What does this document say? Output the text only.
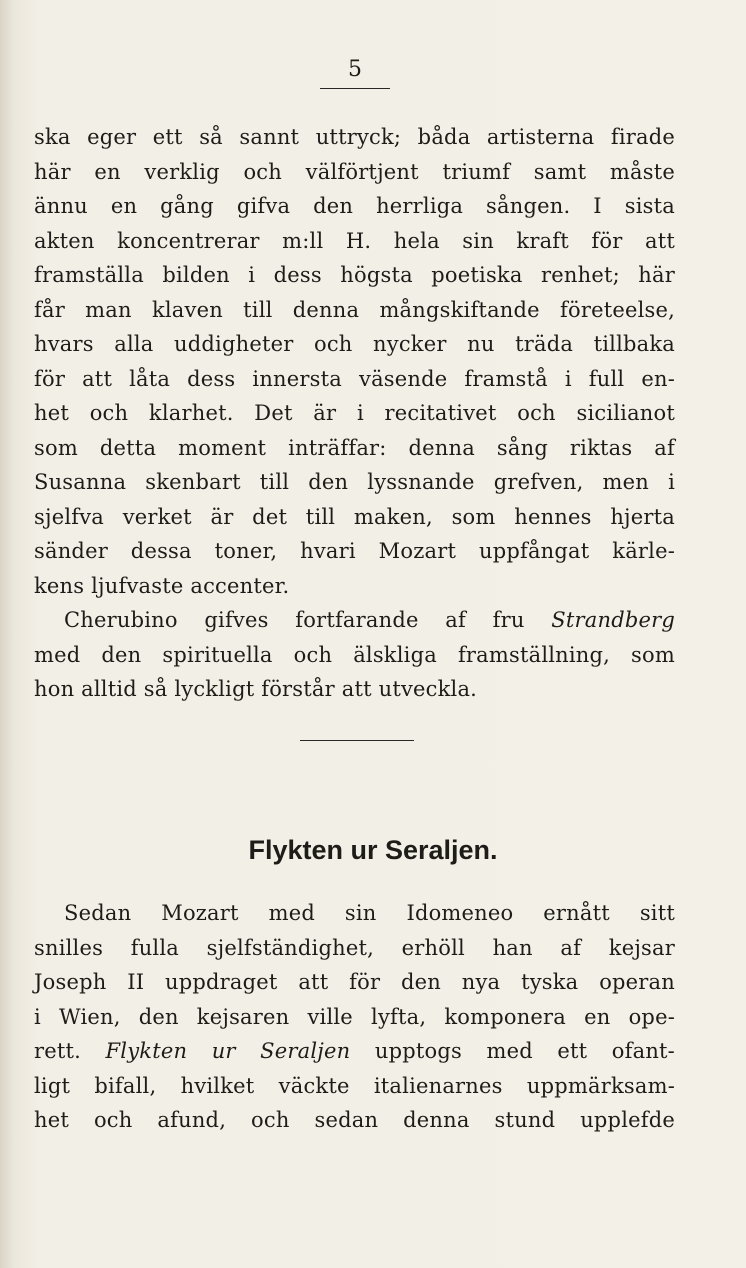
5
ska eger ett så sannt uttryck; båda artisterna firade
här en verklig och välförtjent triumf samt måste
ännu en gång gifva den herrliga sången. I sista
akten koncentrerar m:ll H. hela sin kraft för att
framställa bilden i dess högsta poetiska renhet; här
får man klaven till denna mångskiftande företeelse,
hvars alla uddigheter och nycker nu träda tillbaka
för att låta dess innersta väsende framstå i full en-
het och klarhet. Det är i recitativet och sicilianot
som detta moment inträffar: denna sång riktas af
Susanna skenbart till den lyssnande grefven, men i
sjelfva verket är det till maken, som hennes hjerta
sänder dessa toner, hvari Mozart uppfångat kärle-
kens ljufvaste accenter.
Cherubino gifves fortfarande af fru Strandberg
med den spirituella och älskliga framställning, som
hon alltid så lyckligt förstår att utveckla.
Flykten ur Seraljen.
Sedan Mozart med sin Idomeneo ernått sitt
snilles fulla sjelfständighet, erhöll han af kejsar
Joseph II uppdraget att för den nya tyska operan
i Wien, den kejsaren ville lyfta, komponera en ope-
rett. Flykten ur Seraljen upptogs med ett ofant-
ligt bifall, hvilket väckte italienarnes uppmärksam-
het och afund, och sedan denna stund upplefde
